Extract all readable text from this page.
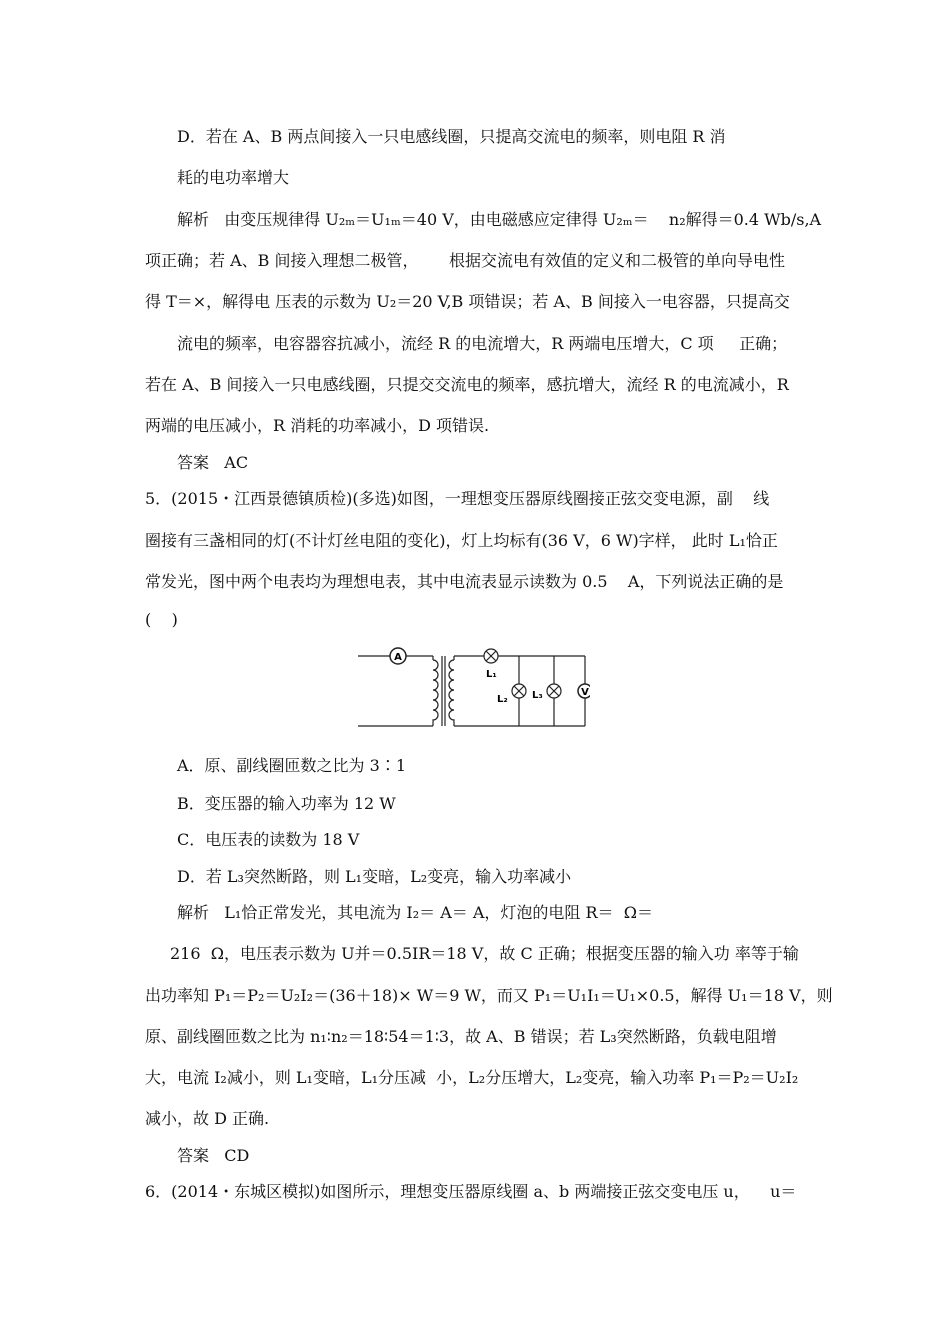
D．若在 A、B 两点间接入一只电感线圈，只提高交流电的频率，则电阻 R 消
耗的电功率增大
解析   由变压规律得 U₂ₘ＝U₁ₘ＝40 V，由电磁感应定律得 U₂ₘ＝    n₂解得＝0.4 Wb/s,A
项正确；若 A、B 间接入理想二极管，      根据交流电有效值的定义和二极管的单向导电性
得 T＝×，解得电 压表的示数为 U₂＝20 V,B 项错误；若 A、B 间接入一电容器，只提高交
流电的频率，电容器容抗减小，流经 R 的电流增大，R 两端电压增大，C 项     正确；
若在 A、B 间接入一只电感线圈，只提交交流电的频率，感抗增大，流经 R 的电流减小，R
两端的电压减小，R 消耗的功率减小，D 项错误.
答案   AC
5．(2015・江西景德镇质检)(多选)如图，一理想变压器原线圈接正弦交变电源，副    线
圈接有三盏相同的灯(不计灯丝电阻的变化)，灯上均标有(36 V，6 W)字样， 此时 L₁恰正
常发光，图中两个电表均为理想电表，其中电流表显示读数为 0.5    A，下列说法正确的是
(    )
A．原、副线圈匝数之比为 3∶1
B．变压器的输入功率为 12 W
C．电压表的读数为 18 V
D．若 L₃突然断路，则 L₁变暗，L₂变亮，输入功率减小
解析   L₁恰正常发光，其电流为 I₂＝ A＝ A，灯泡的电阻 R＝  Ω＝
216  Ω，电压表示数为 U并＝0.5IR＝18 V，故 C 正确；根据变压器的输入功 率等于输
出功率知 P₁＝P₂＝U₂I₂＝(36＋18)× W＝9 W，而又 P₁＝U₁I₁＝U₁×0.5，解得 U₁＝18 V，则
原、副线圈匝数之比为 n₁∶n₂＝18∶54＝1∶3，故 A、B 错误；若 L₃突然断路，负载电阻增
大，电流 I₂减小，则 L₁变暗，L₁分压减  小，L₂分压增大，L₂变亮，输入功率 P₁＝P₂＝U₂I₂
减小，故 D 正确.
答案   CD
6．(2014・东城区模拟)如图所示，理想变压器原线圈 a、b 两端接正弦交变电压 u，    u＝
A
L₁
L₂ L₃	V
